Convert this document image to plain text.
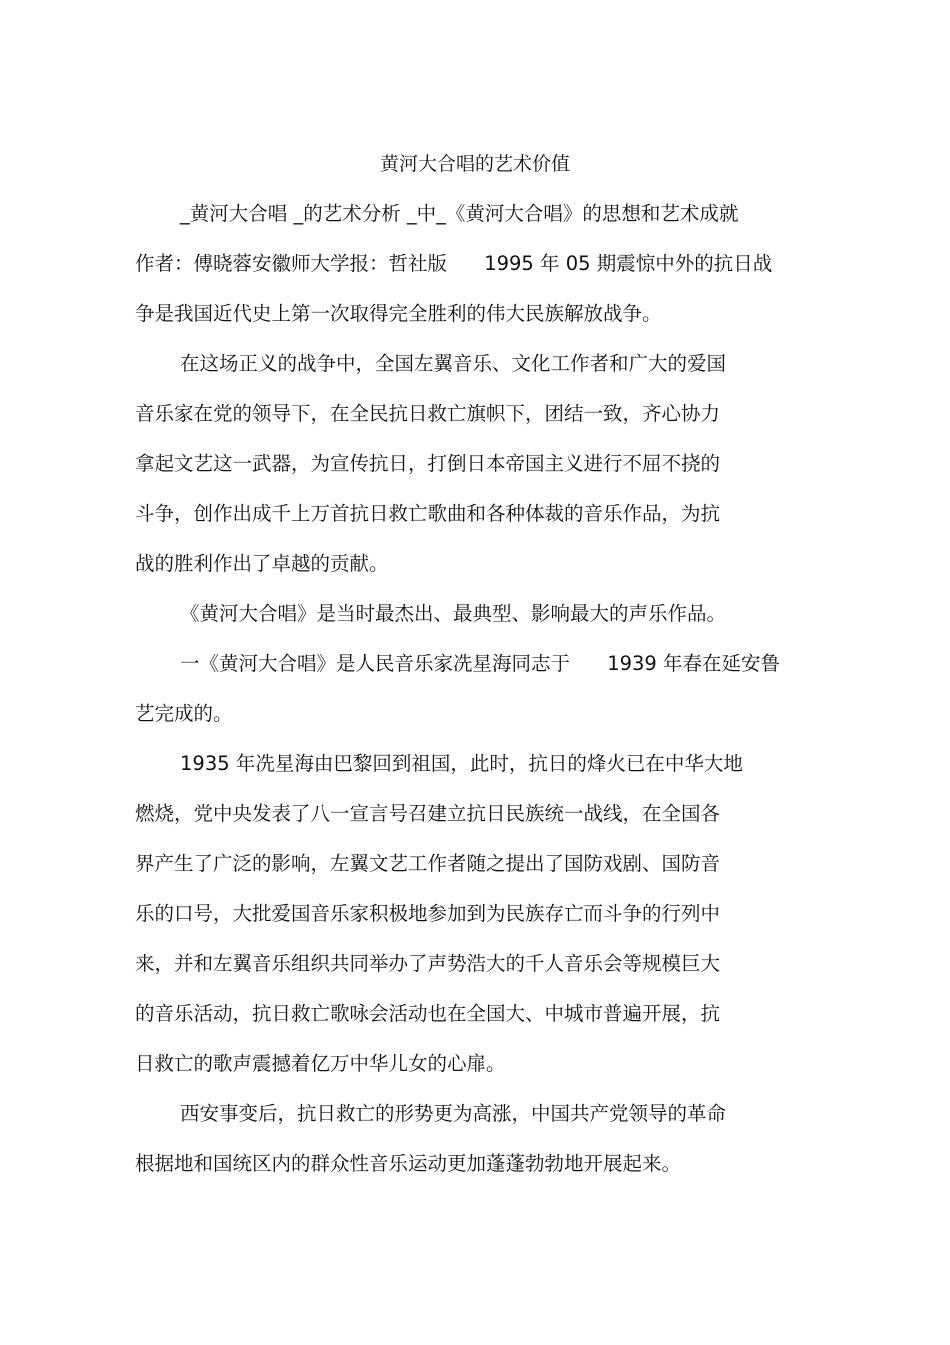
黄河大合唱的艺术价值
_黄河大合唱 _的艺术分析 _中_《黄河大合唱》的思想和艺术成就
作者：傅晓蓉安徽师大学报：哲社版      1995 年 05 期震惊中外的抗日战
争是我国近代史上第一次取得完全胜利的伟大民族解放战争。
在这场正义的战争中，全国左翼音乐、文化工作者和广大的爱国
音乐家在党的领导下，在全民抗日救亡旗帜下，团结一致，齐心协力
拿起文艺这一武器，为宣传抗日，打倒日本帝国主义进行不屈不挠的
斗争，创作出成千上万首抗日救亡歌曲和各种体裁的音乐作品，为抗
战的胜利作出了卓越的贡献。
《黄河大合唱》是当时最杰出、最典型、影响最大的声乐作品。
一《黄河大合唱》是人民音乐家冼星海同志于      1939 年春在延安鲁
艺完成的。
1935 年冼星海由巴黎回到祖国，此时，抗日的烽火已在中华大地
燃烧，党中央发表了八一宣言号召建立抗日民族统一战线，在全国各
界产生了广泛的影响，左翼文艺工作者随之提出了国防戏剧、国防音
乐的口号，大批爱国音乐家积极地参加到为民族存亡而斗争的行列中
来，并和左翼音乐组织共同举办了声势浩大的千人音乐会等规模巨大
的音乐活动，抗日救亡歌咏会活动也在全国大、中城市普遍开展，抗
日救亡的歌声震撼着亿万中华儿女的心扉。
西安事变后，抗日救亡的形势更为高涨，中国共产党领导的革命
根据地和国统区内的群众性音乐运动更加蓬蓬勃勃地开展起来。
